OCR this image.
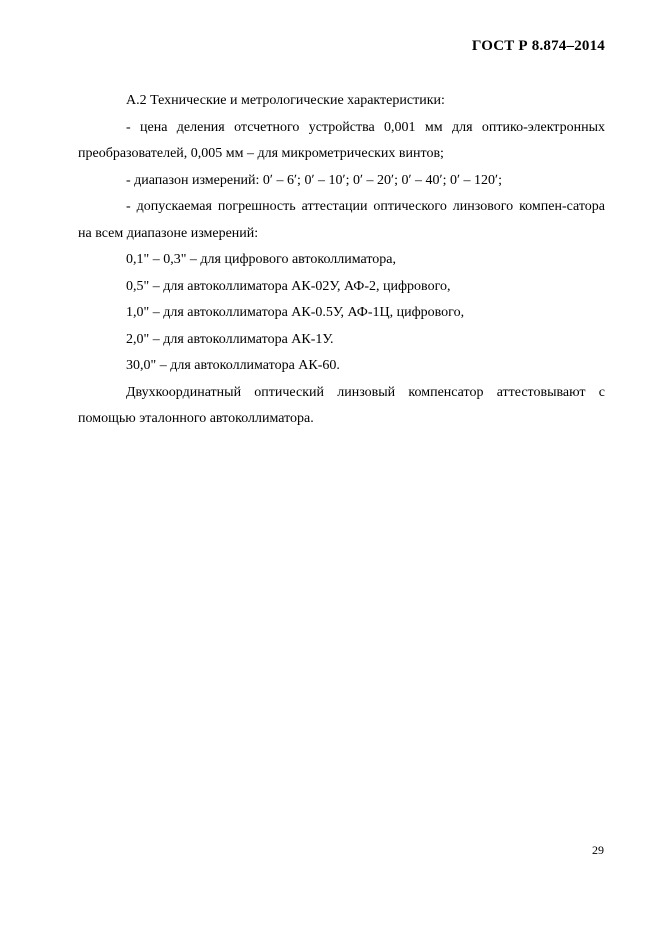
ГОСТ Р 8.874–2014

А.2 Технические и метрологические характеристики:

- цена деления отсчетного устройства 0,001 мм для оптико-электронных преобразователей, 0,005 мм – для микрометрических винтов;

- диапазон измерений: 0ʹ – 6ʹ; 0ʹ – 10ʹ; 0ʹ – 20ʹ; 0ʹ – 40ʹ; 0ʹ – 120ʹ;

- допускаемая погрешность аттестации оптического линзового компен-сатора на всем диапазоне измерений:

0,1" – 0,3" – для цифрового автоколлиматора,

0,5" – для автоколлиматора АК-02У, АФ-2, цифрового,

1,0" – для автоколлиматора АК-0.5У, АФ-1Ц, цифрового,

2,0" – для автоколлиматора АК-1У.

30,0" – для автоколлиматора АК-60.

Двухкоординатный оптический линзовый компенсатор аттестовывают с помощью эталонного автоколлиматора.

29
